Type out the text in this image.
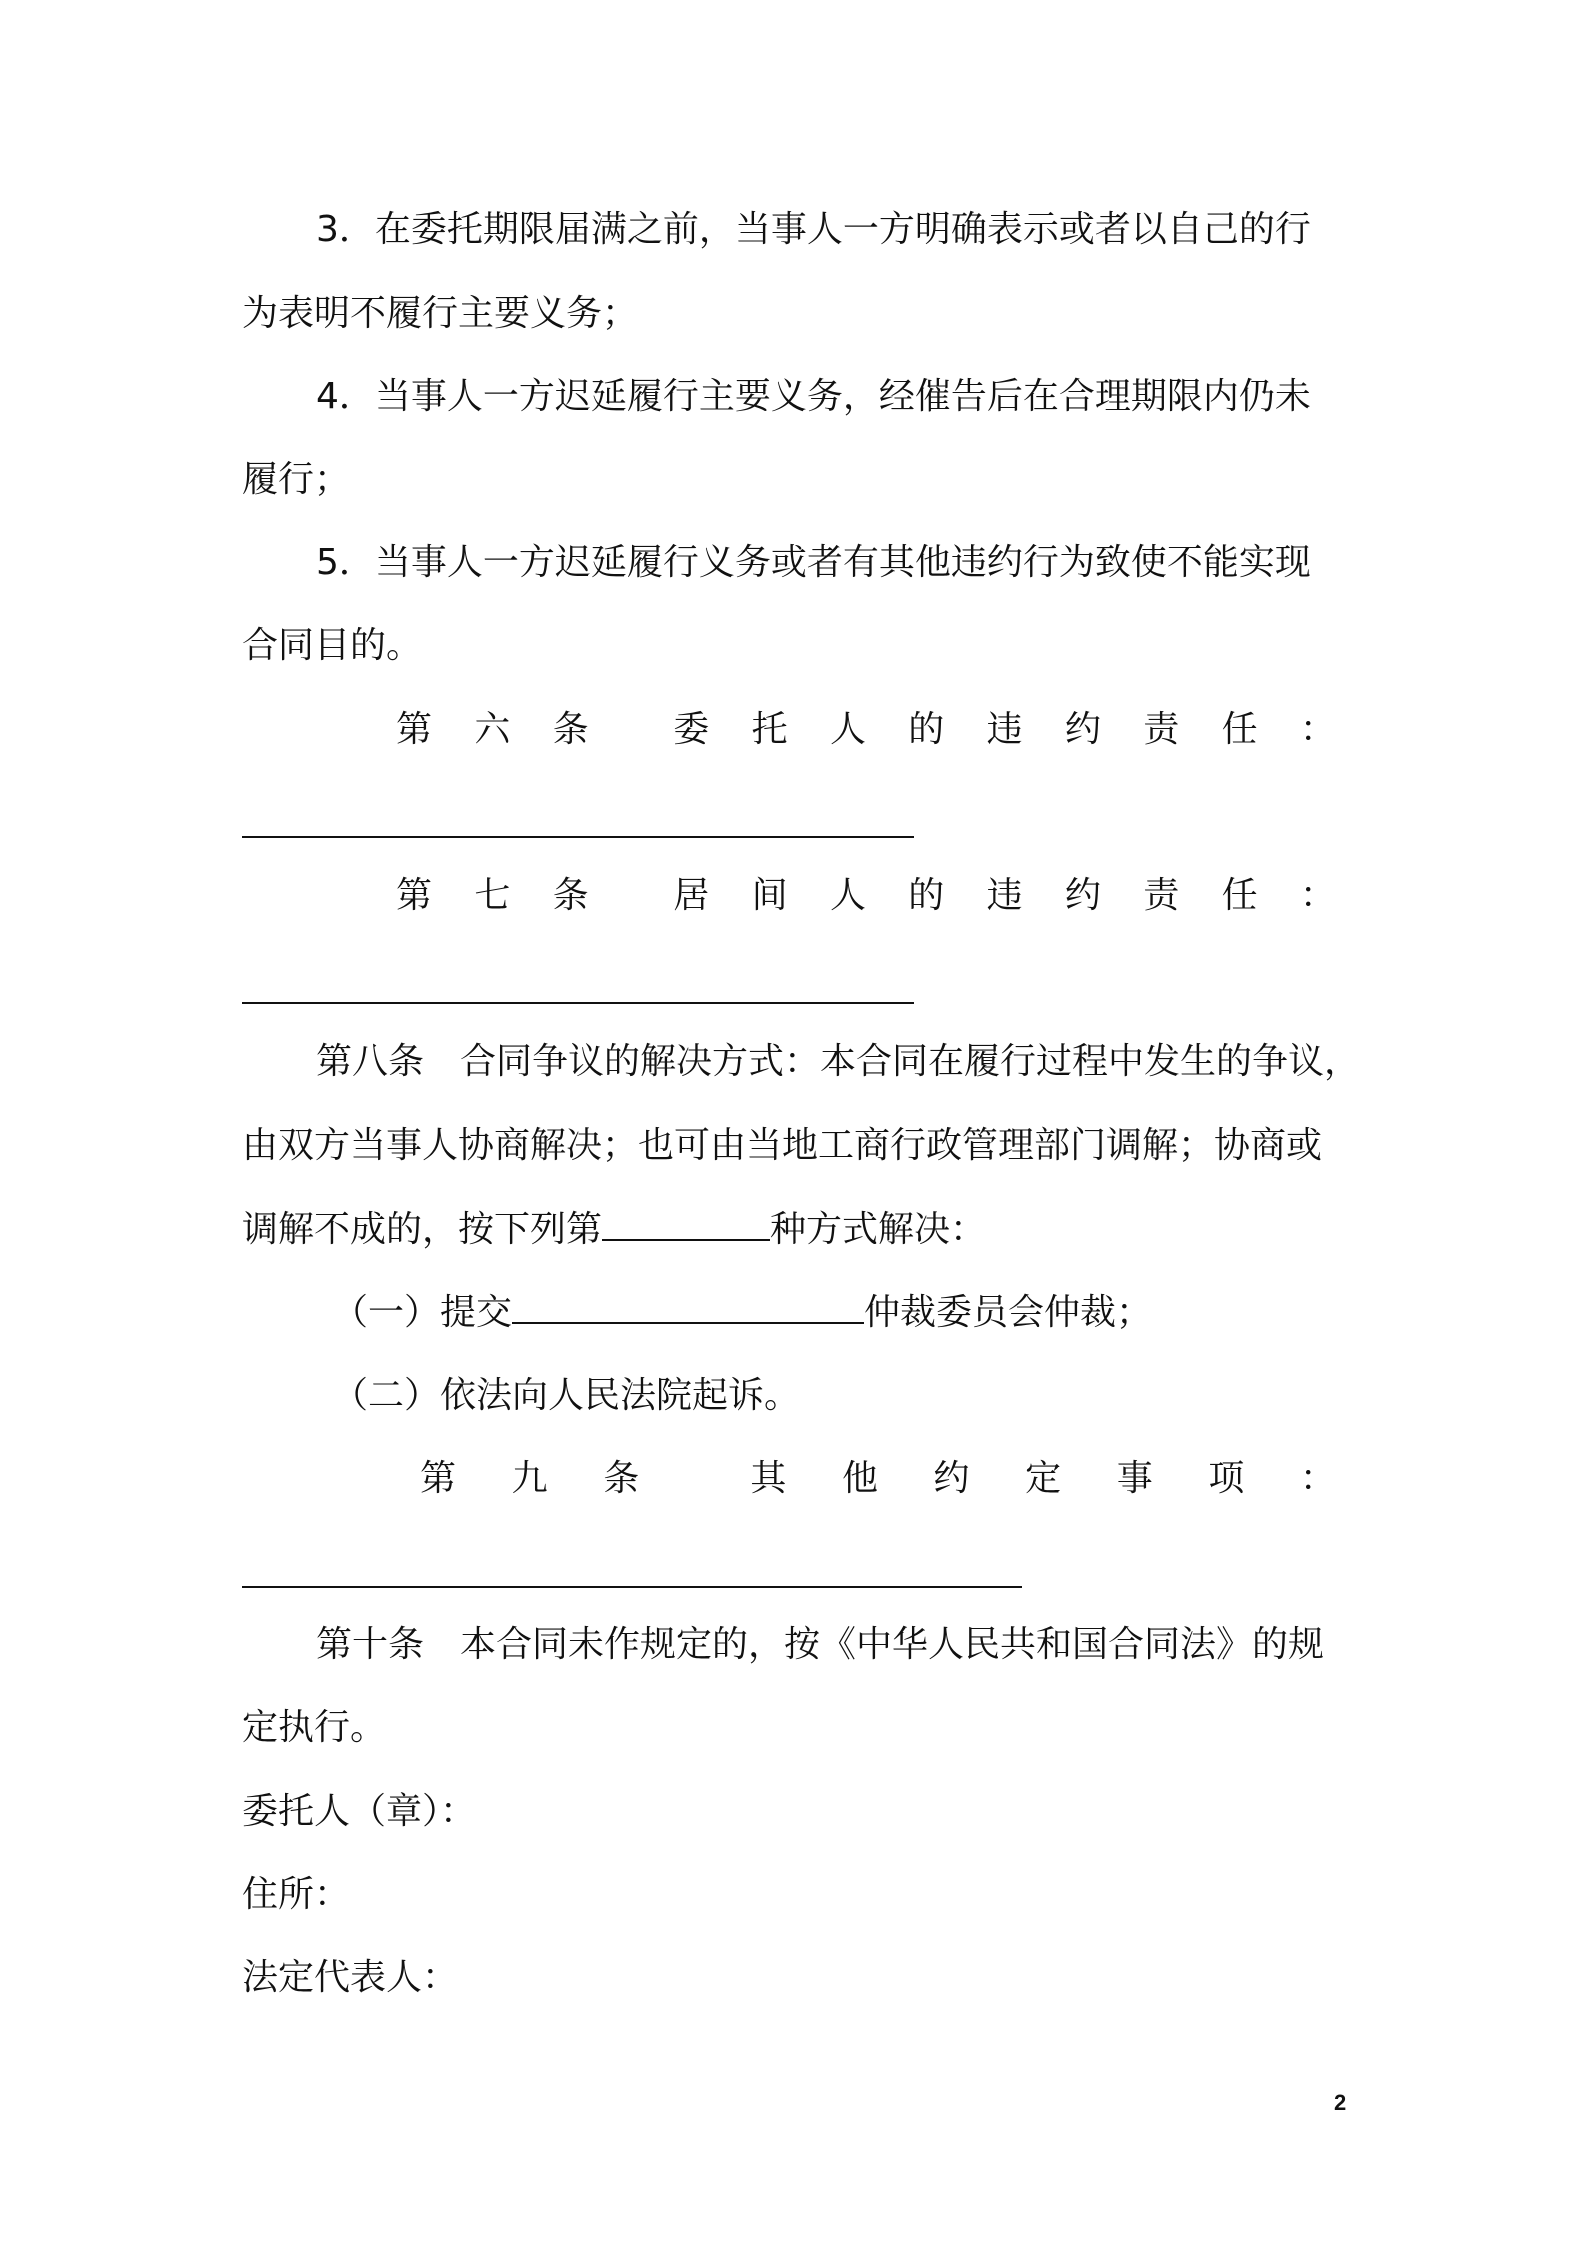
3．在委托期限届满之前，当事人一方明确表示或者以自己的行
为表明不履行主要义务；
4．当事人一方迟延履行主要义务，经催告后在合理期限内仍未
履行；
5．当事人一方迟延履行义务或者有其他违约行为致使不能实现
合同目的。
第 六 条 委 托 人 的 违 约 责 任 ：
第 七 条 居 间 人 的 违 约 责 任 ：
第八条　合同争议的解决方式：本合同在履行过程中发生的争议，
由双方当事人协商解决；也可由当地工商行政管理部门调解；协商或
调解不成的，按下列第	种方式解决：
（一）提交	仲裁委员会仲裁；
（二）依法向人民法院起诉。
第 九 条	其 他 约 定 事 项 ：
第十条　本合同未作规定的，按《中华人民共和国合同法》的规
定执行。
委托人（章）：
住所：
法定代表人：
2
